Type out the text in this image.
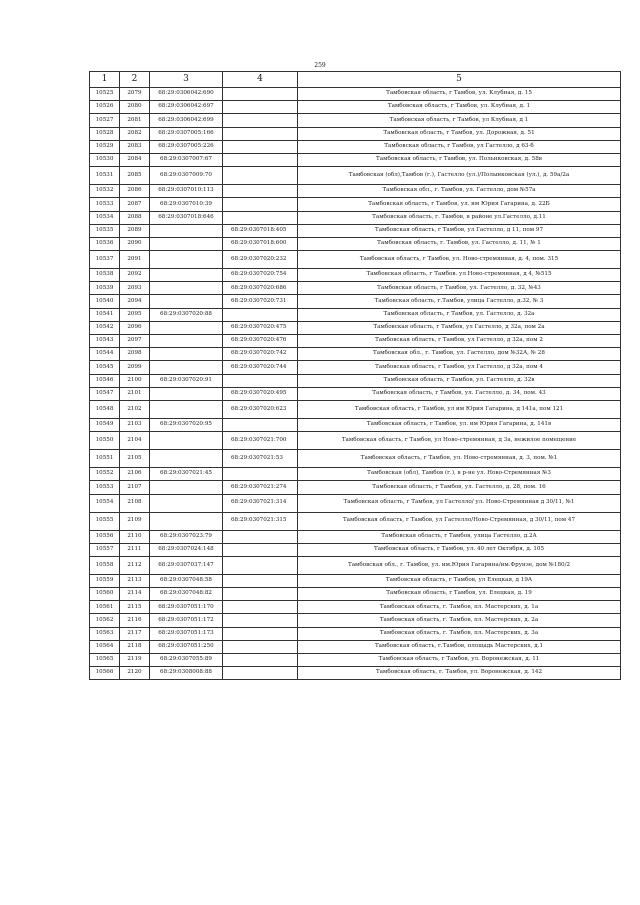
259
1	2	3	4	5
10525	2079	68:29:0306042:690		Тамбовская область, г Тамбов, ул. Клубная, д. 15
10526	2080	68:29:0306042:697		Тамбовская область, г Тамбов, ул. Клубная, д. 1
10527	2081	68:29:0306042:699		Тамбовская область, г Тамбов, ул Клубная, д 1
10528	2082	68:29:0307005:166		Тамбовская область, г Тамбов, ул. Дорожная, д. 51
10529	2083	68:29:0307005:226		Тамбовская область, г Тамбов, ул Гастелло, д 63-б
10530	2084	68:29:0307007:67		Тамбовская область, г Тамбов, ул. Польнковская, д. 58в
10531	2085	68:29:0307009:70		Тамбовская (обл),Тамбов (г.), Гастелло (ул.)/Полынковская (ул.), д. 59а/2а
10532	2086	68:29:0307010:113		Тамбовская обл., г. Тамбов, ул. Гастелло, дом №57а
10533	2087	68:29:0307010:39		Тамбовская область, г Тамбов, ул. им Юрия Гагарина, д. 22Б
10534	2088	68:29:0307018:646		Тамбовская область, г. Тамбов, в районе ул.Гастелло, д.11
10535	2089		68:29:0307018:405	Тамбовская область, г Тамбов, ул Гастелло, д 11, пом 97
10536	2090		68:29:0307018:600	Тамбовская область, г. Тамбов, ул. Гастелло, д. 11, № 1
10537	2091		68:29:0307020:232	Тамбовская область, г Тамбов, ул. Ново-стремянная, д. 4, пом. 315
10538	2092		68:29:0307020:754	Тамбовская область, г Тамбов. ул Ново-стремянная, д 4, №515
10539	2093		68:29:0307020:686	Тамбовская область, г Тамбов, ул. Гастелло, д. 32, №43
10540	2094		68:29:0307020:731	Тамбовская область, г.Тамбов, улица Гастелло, д.32, № 3
10541	2095	68:29:0307020:88		Тамбовская область, г Тамбов, ул. Гастелло, д. 32а
10542	2096		68:29:0307020:475	Тамбовская область, г Тамбов, ул Гастелло, д 32а, пом 2а
10543	2097		68:29:0307020:476	Тамбовская область, г Тамбов, ул Гастелло, д 32а, пом 2
10544	2098		68:29:0307020:742	Тамбовская обл., г. Тамбов, ул. Гастелло, дом №32А, № 28
10545	2099		68:29:0307020:744	Тамбовская область, г Тамбов, ул Гастелло, д 32а, пом 4
10546	2100	68:29:0307020:91		Тамбовская область, г Тамбов, ул. Гастелло, д. 32в
10547	2101		68:29:0307020:495	Тамбовская область, г Тамбов, ул. Гастелло, д. 34, пом. 43
10548	2102		68:29:0307020:623	Тамбовская область, г Тамбов, ул им Юрия Гагарина, д 141а, пом 121
10549	2103	68:29:0307020:95		Тамбовская область, г Тамбов, ул. им Юрия Гагарина, д. 141в
10550	2104		68:29:0307021:700	Тамбовская область, г Тамбов, ул Ново-стремянная, д 3а, нежилое помещение
10551	2105		68:29:0307021:53	Тамбовская область, г Тамбов, ул. Ново-стремянная, д. 3, пом. №1
10552	2106	68:29:0307021:45		Тамбовская (обл), Тамбов (г.), в р-не ул. Ново-Стремянная №3
10553	2107		68:29:0307021:274	Тамбовская область, г Тамбов, ул. Гастелло, д. 28, пом. 16
10554	2108		68:29:0307021:314	Тамбовская область, г Тамбов, ул Гастелло/ ул. Ново-Стремянная д 30/11, №1
10555	2109		68:29:0307021:315	Тамбовская область, г Тамбов, ул Гастелло/Ново-Стремянная, д 30/11, пом 47
10556	2110	68:29:0307023:79		Тамбовская область, г Тамбов, улица Гастелло, д.2А
10557	2111	68:29:0307024:148		Тамбовская область, г Тамбов, ул. 40 лет Октября, д. 105
10558	2112	68:29:0307037:147		Тамбовская обл., г. Тамбов, ул. им.Юрия Гагарина/им.Фрунзе, дом №180/2
10559	2113	68:29:0307048:58		Тамбовская область, г Тамбов, ул Елецкая, д 19А
10560	2114	68:29:0307048:82		Тамбовская область, г Тамбов, ул. Елецкая, д. 19
10561	2115	68:29:0307051:170		Тамбовская область, г. Тамбов, пл. Мастерских, д. 1а
10562	2116	68:29:0307051:172		Тамбовская область, г. Тамбов, пл. Мастерских, д. 2а
10563	2117	68:29:0307051:173		Тамбовская область, г. Тамбов, пл. Мастерских, д. 3а
10564	2118	68:29:0307051:250		Тамбовская область, г.Тамбов, площадь Мастерских, д.1
10565	2119	68:29:0307055:89		Тамбовская область, г Тамбов, ул. Воронежская, д. 11
10566	2120	68:29:0308008:88		Тамбовская область, г. Тамбов, ул. Воронежская, д. 142
